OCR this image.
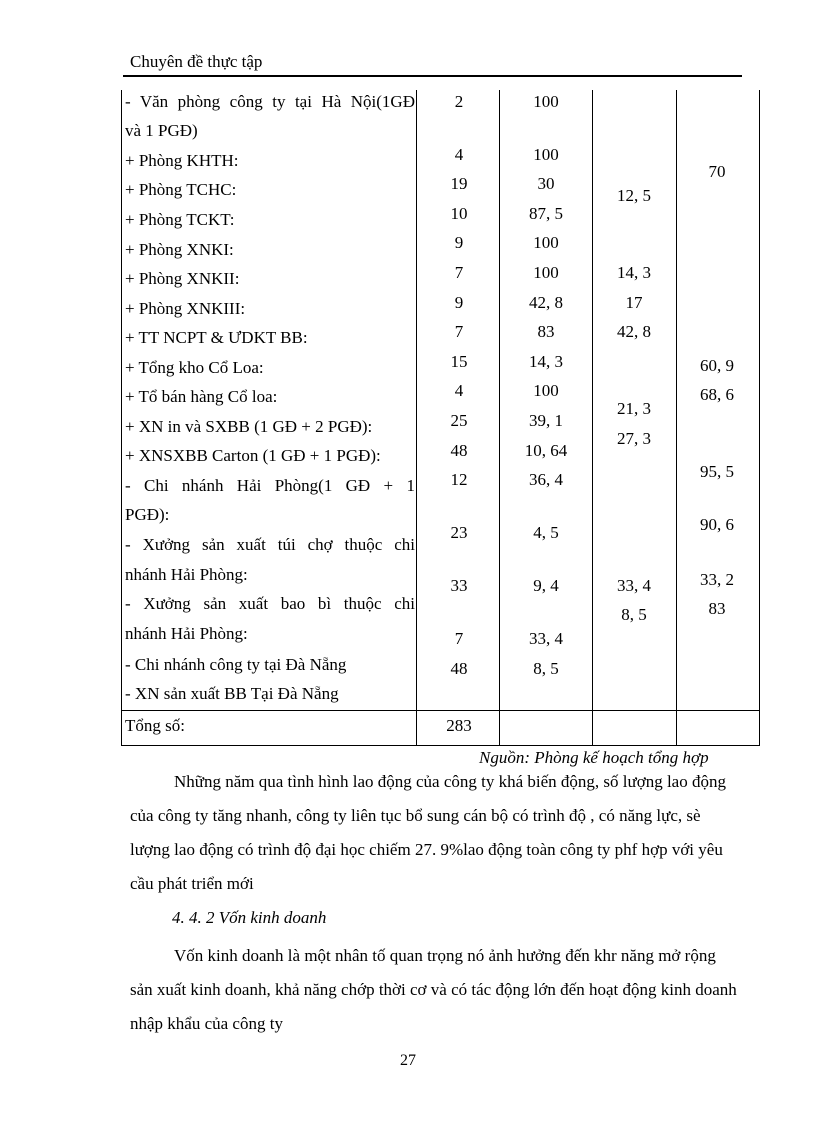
Chuyên đề thực tập
- Văn phòng công ty tại Hà Nội(1GĐ
và 1 PGĐ)
+ Phòng KHTH:
+ Phòng TCHC:
+ Phòng TCKT:
+ Phòng XNKI:
+ Phòng XNKII:
+ Phòng XNKIII:
+ TT NCPT & ƯDKT BB:
+ Tổng kho Cổ Loa:
+ Tổ bán hàng Cổ loa:
+ XN in và SXBB (1 GĐ + 2 PGĐ):
+ XNSXBB Carton (1 GĐ + 1 PGĐ):
- Chi nhánh Hải Phòng(1 GĐ + 1
PGĐ):
- Xưởng sản xuất túi chợ thuộc chi
nhánh Hải Phòng:
- Xưởng sản xuất bao bì thuộc chi
nhánh Hải Phòng:
- Chi nhánh công ty tại Đà Nẵng
- XN sản xuất BB Tại Đà Nẵng
Tổng số:
2
4
19
10
9
7
9
7
15
4
25
48
12
23
33
7
48
283
100
100
30
87, 5
100
100
42, 8
83
14, 3
100
39, 1
10, 64
36, 4
4, 5
9, 4
33, 4
8, 5
12, 5
14, 3
17
42, 8
21, 3
27, 3
33, 4
8, 5
70
60, 9
68, 6
95, 5
90, 6
33, 2
83
Nguồn: Phòng kế hoạch tổng hợp

Những năm qua tình hình lao động của công ty khá biến động, số lượng lao động của công ty tăng nhanh, công ty liên tục bổ sung cán bộ có trình độ , có năng lực, sè lượng lao động có trình độ đại học chiếm 27. 9%lao động toàn công ty phf hợp với yêu cầu phát triển mới

4. 4. 2 Vốn kinh doanh

Vốn kinh doanh là một nhân tố quan trọng nó ảnh hưởng đến khr năng mở rộng sản xuất kinh doanh, khả năng chớp thời cơ và có tác động lớn đến hoạt động kinh doanh nhập khẩu của công ty

27
